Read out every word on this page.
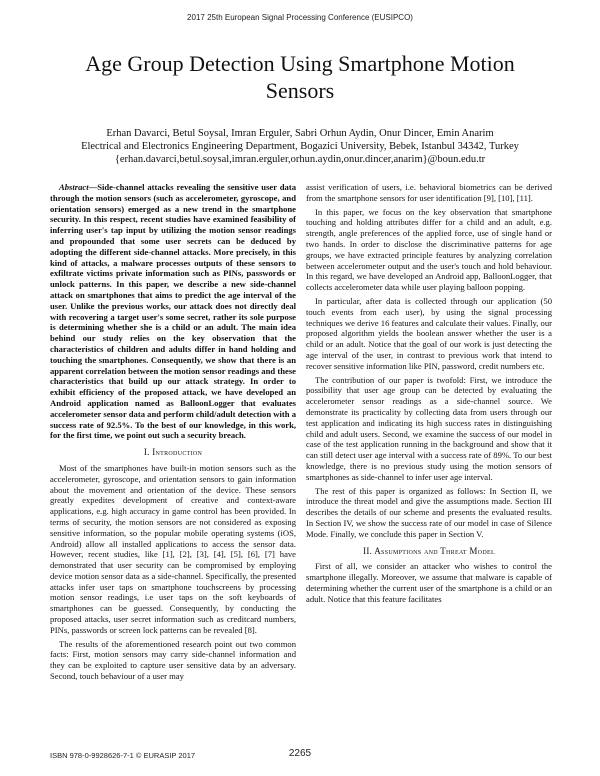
2017 25th European Signal Processing Conference (EUSIPCO)
Age Group Detection Using Smartphone Motion
Sensors
Erhan Davarci, Betul Soysal, Imran Erguler, Sabri Orhun Aydin, Onur Dincer, Emin Anarim
Electrical and Electronics Engineering Department, Bogazici University, Bebek, Istanbul 34342, Turkey
{erhan.davarci,betul.soysal,imran.erguler,orhun.aydin,onur.dincer,anarim}@boun.edu.tr

Abstract—Side-channel attacks revealing the sensitive user data through the motion sensors (such as accelerometer, gyroscope, and orientation sensors) emerged as a new trend in the smartphone security. In this respect, recent studies have examined feasibility of inferring user's tap input by utilizing the motion sensor readings and propounded that some user secrets can be deduced by adopting the different side-channel attacks. More precisely, in this kind of attacks, a malware processes outputs of these sensors to exfiltrate victims private information such as PINs, passwords or unlock patterns. In this paper, we describe a new side-channel attack on smartphones that aims to predict the age interval of the user. Unlike the previous works, our attack does not directly deal with recovering a target user's some secret, rather its sole purpose is determining whether she is a child or an adult. The main idea behind our study relies on the key observation that the characteristics of children and adults differ in hand holding and touching the smartphones. Consequently, we show that there is an apparent correlation between the motion sensor readings and these characteristics that build up our attack strategy. In order to exhibit efficiency of the proposed attack, we have developed an Android application named as BalloonLogger that evaluates accelerometer sensor data and perform child/adult detection with a success rate of 92.5%. To the best of our knowledge, in this work, for the first time, we point out such a security breach.

I. Introduction

Most of the smartphones have built-in motion sensors such as the accelerometer, gyroscope, and orientation sensors to gain information about the movement and orientation of the device. These sensors greatly expedites development of creative and context-aware applications, e.g. high accuracy in game control has been provided. In terms of security, the motion sensors are not considered as exposing sensitive information, so the popular mobile operating systems (iOS, Android) allow all installed applications to access the sensor data. However, recent studies, like [1], [2], [3], [4], [5], [6], [7] have demonstrated that user security can be compromised by employing device motion sensor data as a side-channel. Specifically, the presented attacks infer user taps on smartphone touchscreens by processing motion sensor readings, i.e user taps on the soft keyboards of smartphones can be guessed. Consequently, by conducting the proposed attacks, user secret information such as creditcard numbers, PINs, passwords or screen lock patterns can be revealed [8].

The results of the aforementioned research point out two common facts: First, motion sensors may carry side-channel information and they can be exploited to capture user sensitive data by an adversary. Second, touch behaviour of a user may

assist verification of users, i.e. behavioral biometrics can be derived from the smartphone sensors for user identification [9], [10], [11].

In this paper, we focus on the key observation that smartphone touching and holding attributes differ for a child and an adult, e.g. strength, angle preferences of the applied force, use of single hand or two hands. In order to disclose the discriminative patterns for age groups, we have extracted principle features by analyzing correlation between accelerometer output and the user's touch and hold behaviour. In this regard, we have developed an Android app, BalloonLogger, that collects accelerometer data while user playing balloon popping.

In particular, after data is collected through our application (50 touch events from each user), by using the signal processing techniques we derive 16 features and calculate their values. Finally, our proposed algorithm yields the boolean answer whether the user is a child or an adult. Notice that the goal of our work is just detecting the age interval of the user, in contrast to previous work that intend to recover sensitive information like PIN, password, credit numbers etc.

The contribution of our paper is twofold: First, we introduce the possibility that user age group can be detected by evaluating the accelerometer sensor readings as a side-channel source. We demonstrate its practicality by collecting data from users through our test application and indicating its high success rates in distinguishing child and adult users. Second, we examine the success of our model in case of the test application running in the background and show that it can still detect user age interval with a success rate of 89%. To our best knowledge, there is no previous study using the motion sensors of smartphones as side-channel to infer user age interval.

The rest of this paper is organized as follows: In Section II, we introduce the threat model and give the assumptions made. Section III describes the details of our scheme and presents the evaluated results. In Section IV, we show the success rate of our model in case of Silence Mode. Finally, we conclude this paper in Section V.

II. Assumptions and Threat Model

First of all, we consider an attacker who wishes to control the smartphone illegally. Moreover, we assume that malware is capable of determining whether the current user of the smartphone is a child or an adult. Notice that this feature facilitates

ISBN 978-0-9928626-7-1 © EURASIP 2017	2265
